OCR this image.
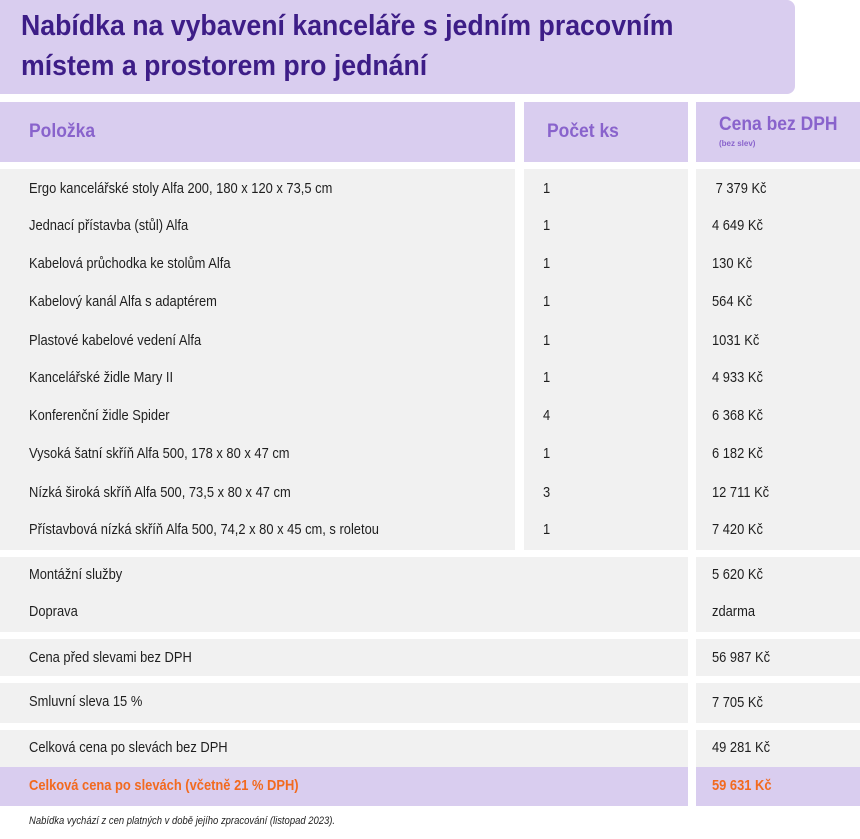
Nabídka na vybavení kanceláře s jedním pracovním místem a prostorem pro jednání
Položka	Počet ks	Cena bez DPH
(bez slev)
Ergo kancelářské stoly Alfa 200, 180 x 120 x 73,5 cm	1	7 379 Kč
Jednací přístavba (stůl) Alfa	1	4 649 Kč
Kabelová průchodka ke stolům Alfa	1	130 Kč
Kabelový kanál Alfa s adaptérem	1	564 Kč
Plastové kabelové vedení Alfa	1	1031 Kč
Kancelářské židle Mary II	1	4 933 Kč
Konferenční židle Spider	4	6 368 Kč
Vysoká šatní skříň Alfa 500, 178 x 80 x 47 cm	1	6 182 Kč
Nízká široká skříň Alfa 500, 73,5 x 80 x 47 cm	3	12 711 Kč
Přístavbová nízká skříň Alfa 500, 74,2 x 80 x 45 cm, s roletou	1	7 420 Kč
Montážní služby	5 620 Kč
Doprava	zdarma
Cena před slevami bez DPH	56 987 Kč
Smluvní sleva 15 %	7 705 Kč
Celková cena po slevách bez DPH	49 281 Kč
Celková cena po slevách (včetně 21 % DPH)	59 631 Kč
Nabídka vychází z cen platných v době jejího zpracování (listopad 2023).
